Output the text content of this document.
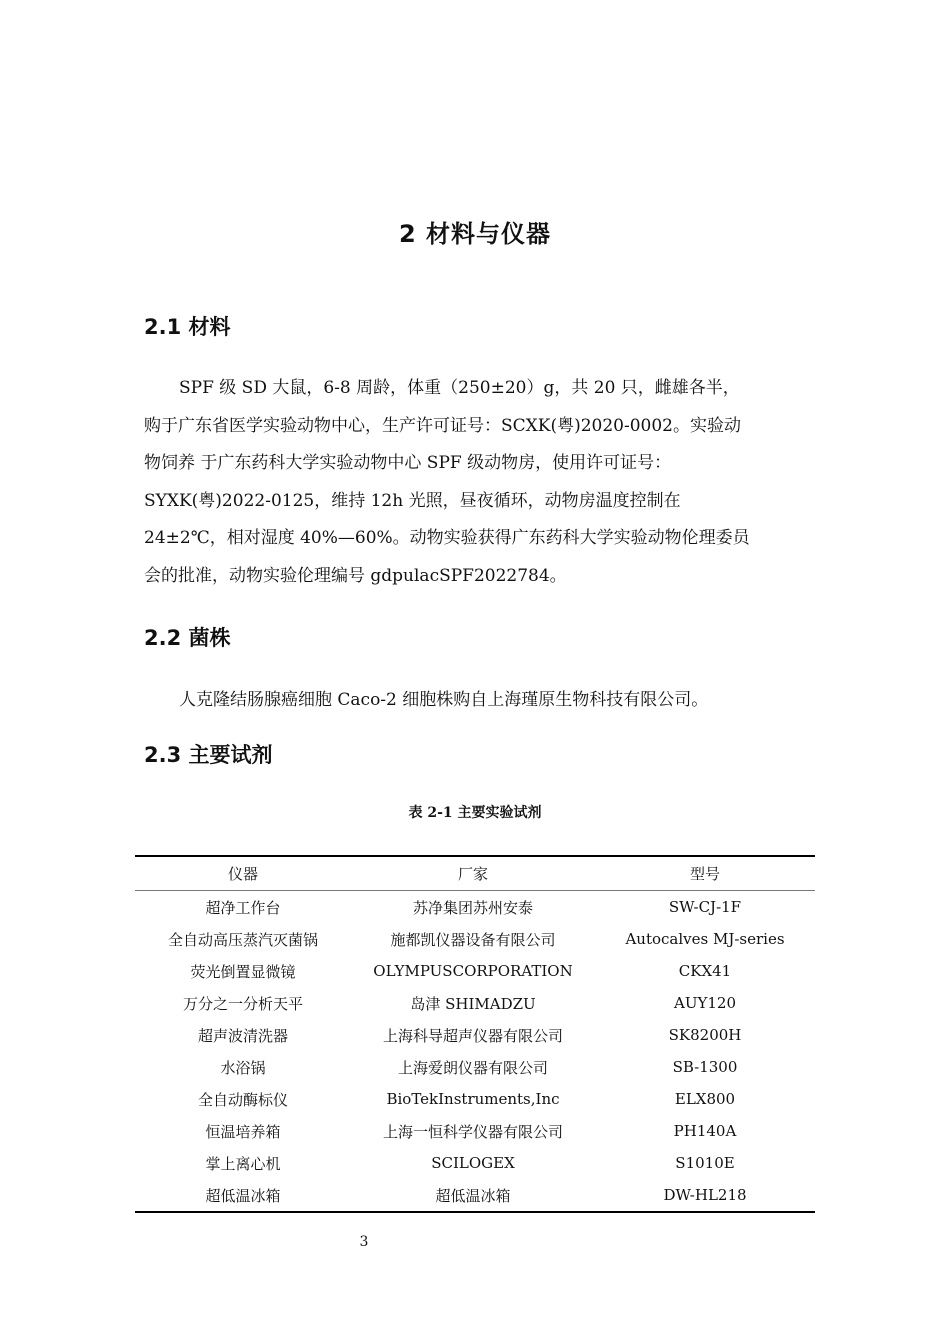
2 材料与仪器
2.1 材料

SPF 级 SD 大鼠，6-8 周龄，体重（250±20）g，共 20 只，雌雄各半，
购于广东省医学实验动物中心，生产许可证号：SCXK(粤)2020-0002。实验动
物饲养 于广东药科大学实验动物中心 SPF 级动物房，使用许可证号：
SYXK(粤)2022-0125，维持 12h 光照，昼夜循环，动物房温度控制在
24±2℃，相对湿度 40%—60%。动物实验获得广东药科大学实验动物伦理委员
会的批准，动物实验伦理编号 gdpulacSPF2022784。

2.2 菌株

人克隆结肠腺癌细胞 Caco-2 细胞株购自上海瑾原生物科技有限公司。

2.3 主要试剂

表 2-1 主要实验试剂

仪器	厂家	型号
超净工作台	苏净集团苏州安泰	SW-CJ-1F
全自动高压蒸汽灭菌锅	施都凯仪器设备有限公司	Autocalves MJ-series
荧光倒置显微镜	OLYMPUSCORPORATION	CKX41
万分之一分析天平	岛津 SHIMADZU	AUY120
超声波清洗器	上海科导超声仪器有限公司	SK8200H
水浴锅	上海爱朗仪器有限公司	SB-1300
全自动酶标仪	BioTekInstruments,Inc	ELX800
恒温培养箱	上海一恒科学仪器有限公司	PH140A
掌上离心机	SCILOGEX	S1010E
超低温冰箱	超低温冰箱	DW-HL218

3
